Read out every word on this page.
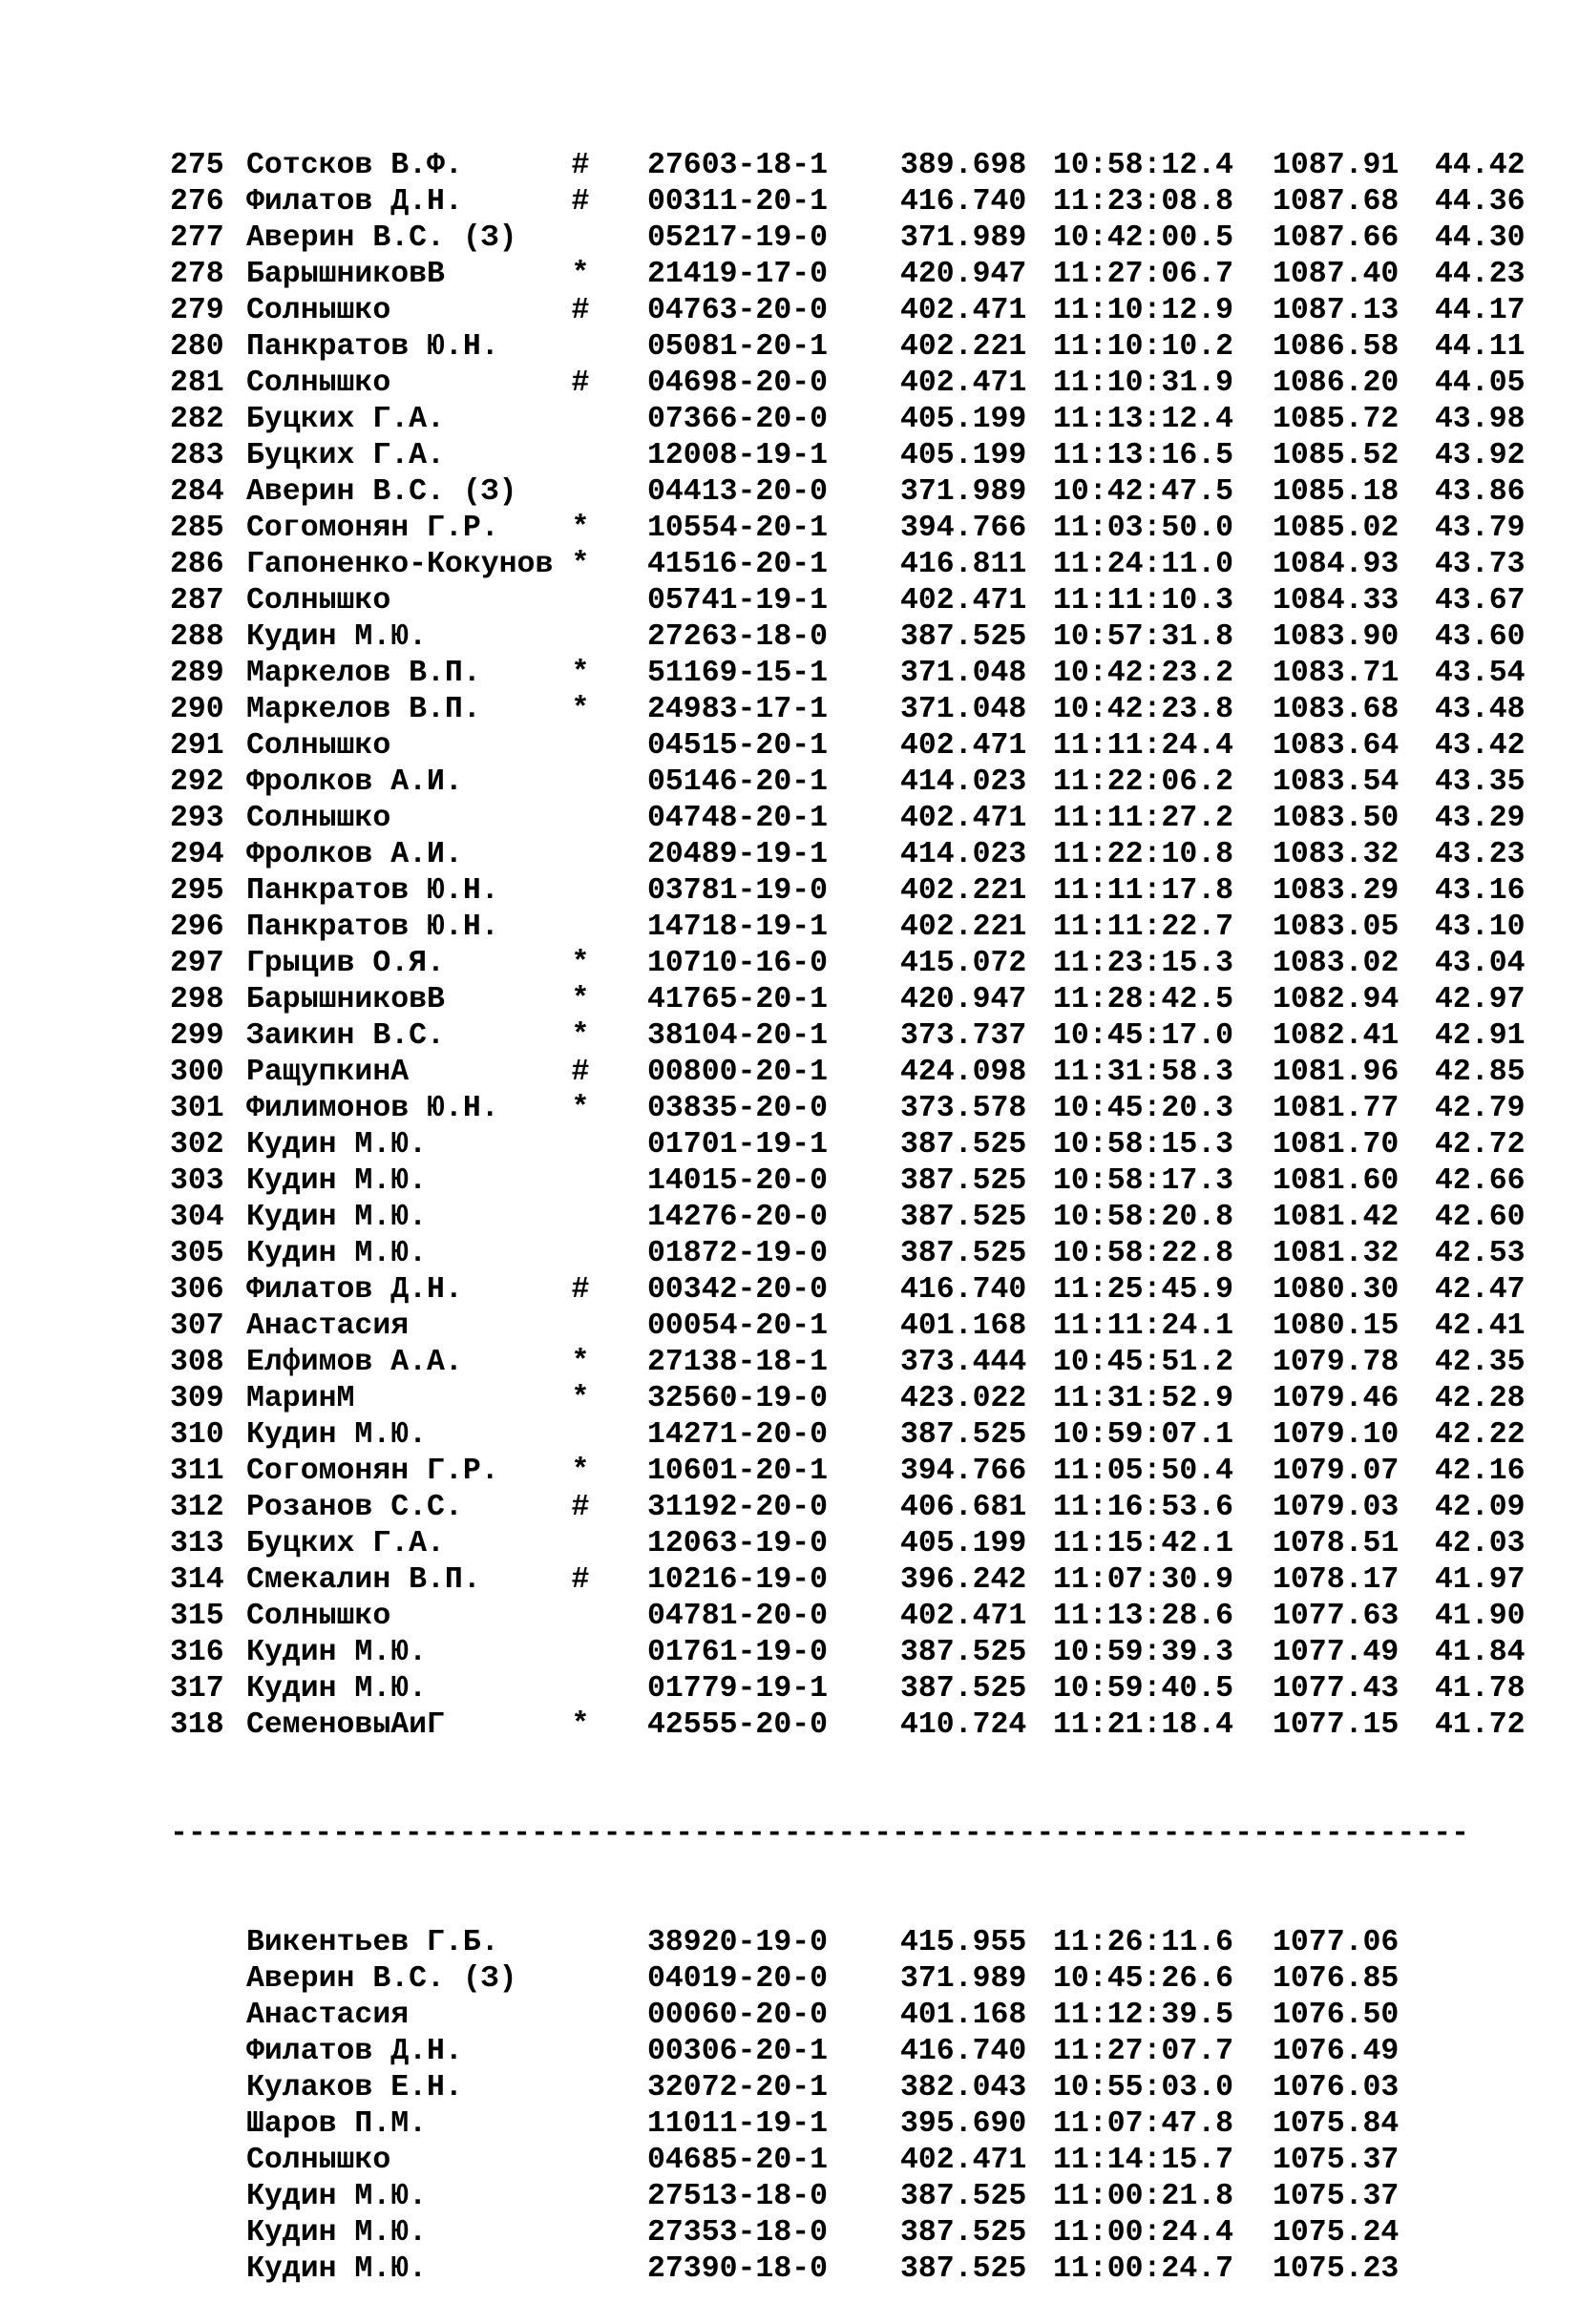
275 Сотсков В.Ф.	# 27603-18-1 389.698 10:58:12.4 1087.91 44.42
276 Филатов Д.Н.	# 00311-20-1 416.740 11:23:08.8 1087.68 44.36
277 Аверин В.С. (З)	05217-19-0 371.989 10:42:00.5 1087.66 44.30
278 БарышниковВ	* 21419-17-0 420.947 11:27:06.7 1087.40 44.23
279 Солнышко	# 04763-20-0 402.471 11:10:12.9 1087.13 44.17
280 Панкратов Ю.Н.	05081-20-1 402.221 11:10:10.2 1086.58 44.11
281 Солнышко	# 04698-20-0 402.471 11:10:31.9 1086.20 44.05
282 Буцких Г.А.	07366-20-0 405.199 11:13:12.4 1085.72 43.98
283 Буцких Г.А.	12008-19-1 405.199 11:13:16.5 1085.52 43.92
284 Аверин В.С. (З)	04413-20-0 371.989 10:42:47.5 1085.18 43.86
285 Согомонян Г.Р. * 10554-20-1 394.766 11:03:50.0 1085.02 43.79
286 Гапоненко-Кокунов * 41516-20-1 416.811 11:24:11.0 1084.93 43.73
287 Солнышко	05741-19-1 402.471 11:11:10.3 1084.33 43.67
288 Кудин М.Ю.	27263-18-0 387.525 10:57:31.8 1083.90 43.60
289 Маркелов В.П.	* 51169-15-1 371.048 10:42:23.2 1083.71 43.54
290 Маркелов В.П.	* 24983-17-1 371.048 10:42:23.8 1083.68 43.48
291 Солнышко	04515-20-1 402.471 11:11:24.4 1083.64 43.42
292 Фролков А.И.	05146-20-1 414.023 11:22:06.2 1083.54 43.35
293 Солнышко	04748-20-1 402.471 11:11:27.2 1083.50 43.29
294 Фролков А.И.	20489-19-1 414.023 11:22:10.8 1083.32 43.23
295 Панкратов Ю.Н.	03781-19-0 402.221 11:11:17.8 1083.29 43.16
296 Панкратов Ю.Н.	14718-19-1 402.221 11:11:22.7 1083.05 43.10
297 Грыцив О.Я.	* 10710-16-0 415.072 11:23:15.3 1083.02 43.04
298 БарышниковВ	* 41765-20-1 420.947 11:28:42.5 1082.94 42.97
299 Заикин В.С.	* 38104-20-1 373.737 10:45:17.0 1082.41 42.91
300 РащупкинА	# 00800-20-1 424.098 11:31:58.3 1081.96 42.85
301 Филимонов Ю.Н. * 03835-20-0 373.578 10:45:20.3 1081.77 42.79
302 Кудин М.Ю.	01701-19-1 387.525 10:58:15.3 1081.70 42.72
303 Кудин М.Ю.	14015-20-0 387.525 10:58:17.3 1081.60 42.66
304 Кудин М.Ю.	14276-20-0 387.525 10:58:20.8 1081.42 42.60
305 Кудин М.Ю.	01872-19-0 387.525 10:58:22.8 1081.32 42.53
306 Филатов Д.Н.	# 00342-20-0 416.740 11:25:45.9 1080.30 42.47
307 Анастасия	00054-20-1 401.168 11:11:24.1 1080.15 42.41
308 Елфимов А.А.	* 27138-18-1 373.444 10:45:51.2 1079.78 42.35
309 МаринМ	* 32560-19-0 423.022 11:31:52.9 1079.46 42.28
310 Кудин М.Ю.	14271-20-0 387.525 10:59:07.1 1079.10 42.22
311 Согомонян Г.Р. * 10601-20-1 394.766 11:05:50.4 1079.07 42.16
312 Розанов С.С.	# 31192-20-0 406.681 11:16:53.6 1079.03 42.09
313 Буцких Г.А.	12063-19-0 405.199 11:15:42.1 1078.51 42.03
314 Смекалин В.П.	# 10216-19-0 396.242 11:07:30.9 1078.17 41.97
315 Солнышко	04781-20-0 402.471 11:13:28.6 1077.63 41.90
316 Кудин М.Ю.	01761-19-0 387.525 10:59:39.3 1077.49 41.84
317 Кудин М.Ю.	01779-19-1 387.525 10:59:40.5 1077.43 41.78
318 СеменовыАиГ	* 42555-20-0 410.724 11:21:18.4 1077.15 41.72

------------------------------------------------------------------------

Викентьев Г.Б.	38920-19-0 415.955 11:26:11.6 1077.06
Аверин В.С. (З)	04019-20-0 371.989 10:45:26.6 1076.85
Анастасия	00060-20-0 401.168 11:12:39.5 1076.50
Филатов Д.Н.	00306-20-1 416.740 11:27:07.7 1076.49
Кулаков Е.Н.	32072-20-1 382.043 10:55:03.0 1076.03
Шаров П.М.	11011-19-1 395.690 11:07:47.8 1075.84
Солнышко	04685-20-1 402.471 11:14:15.7 1075.37
Кудин М.Ю.	27513-18-0 387.525 11:00:21.8 1075.37
Кудин М.Ю.	27353-18-0 387.525 11:00:24.4 1075.24
Кудин М.Ю.	27390-18-0 387.525 11:00:24.7 1075.23
